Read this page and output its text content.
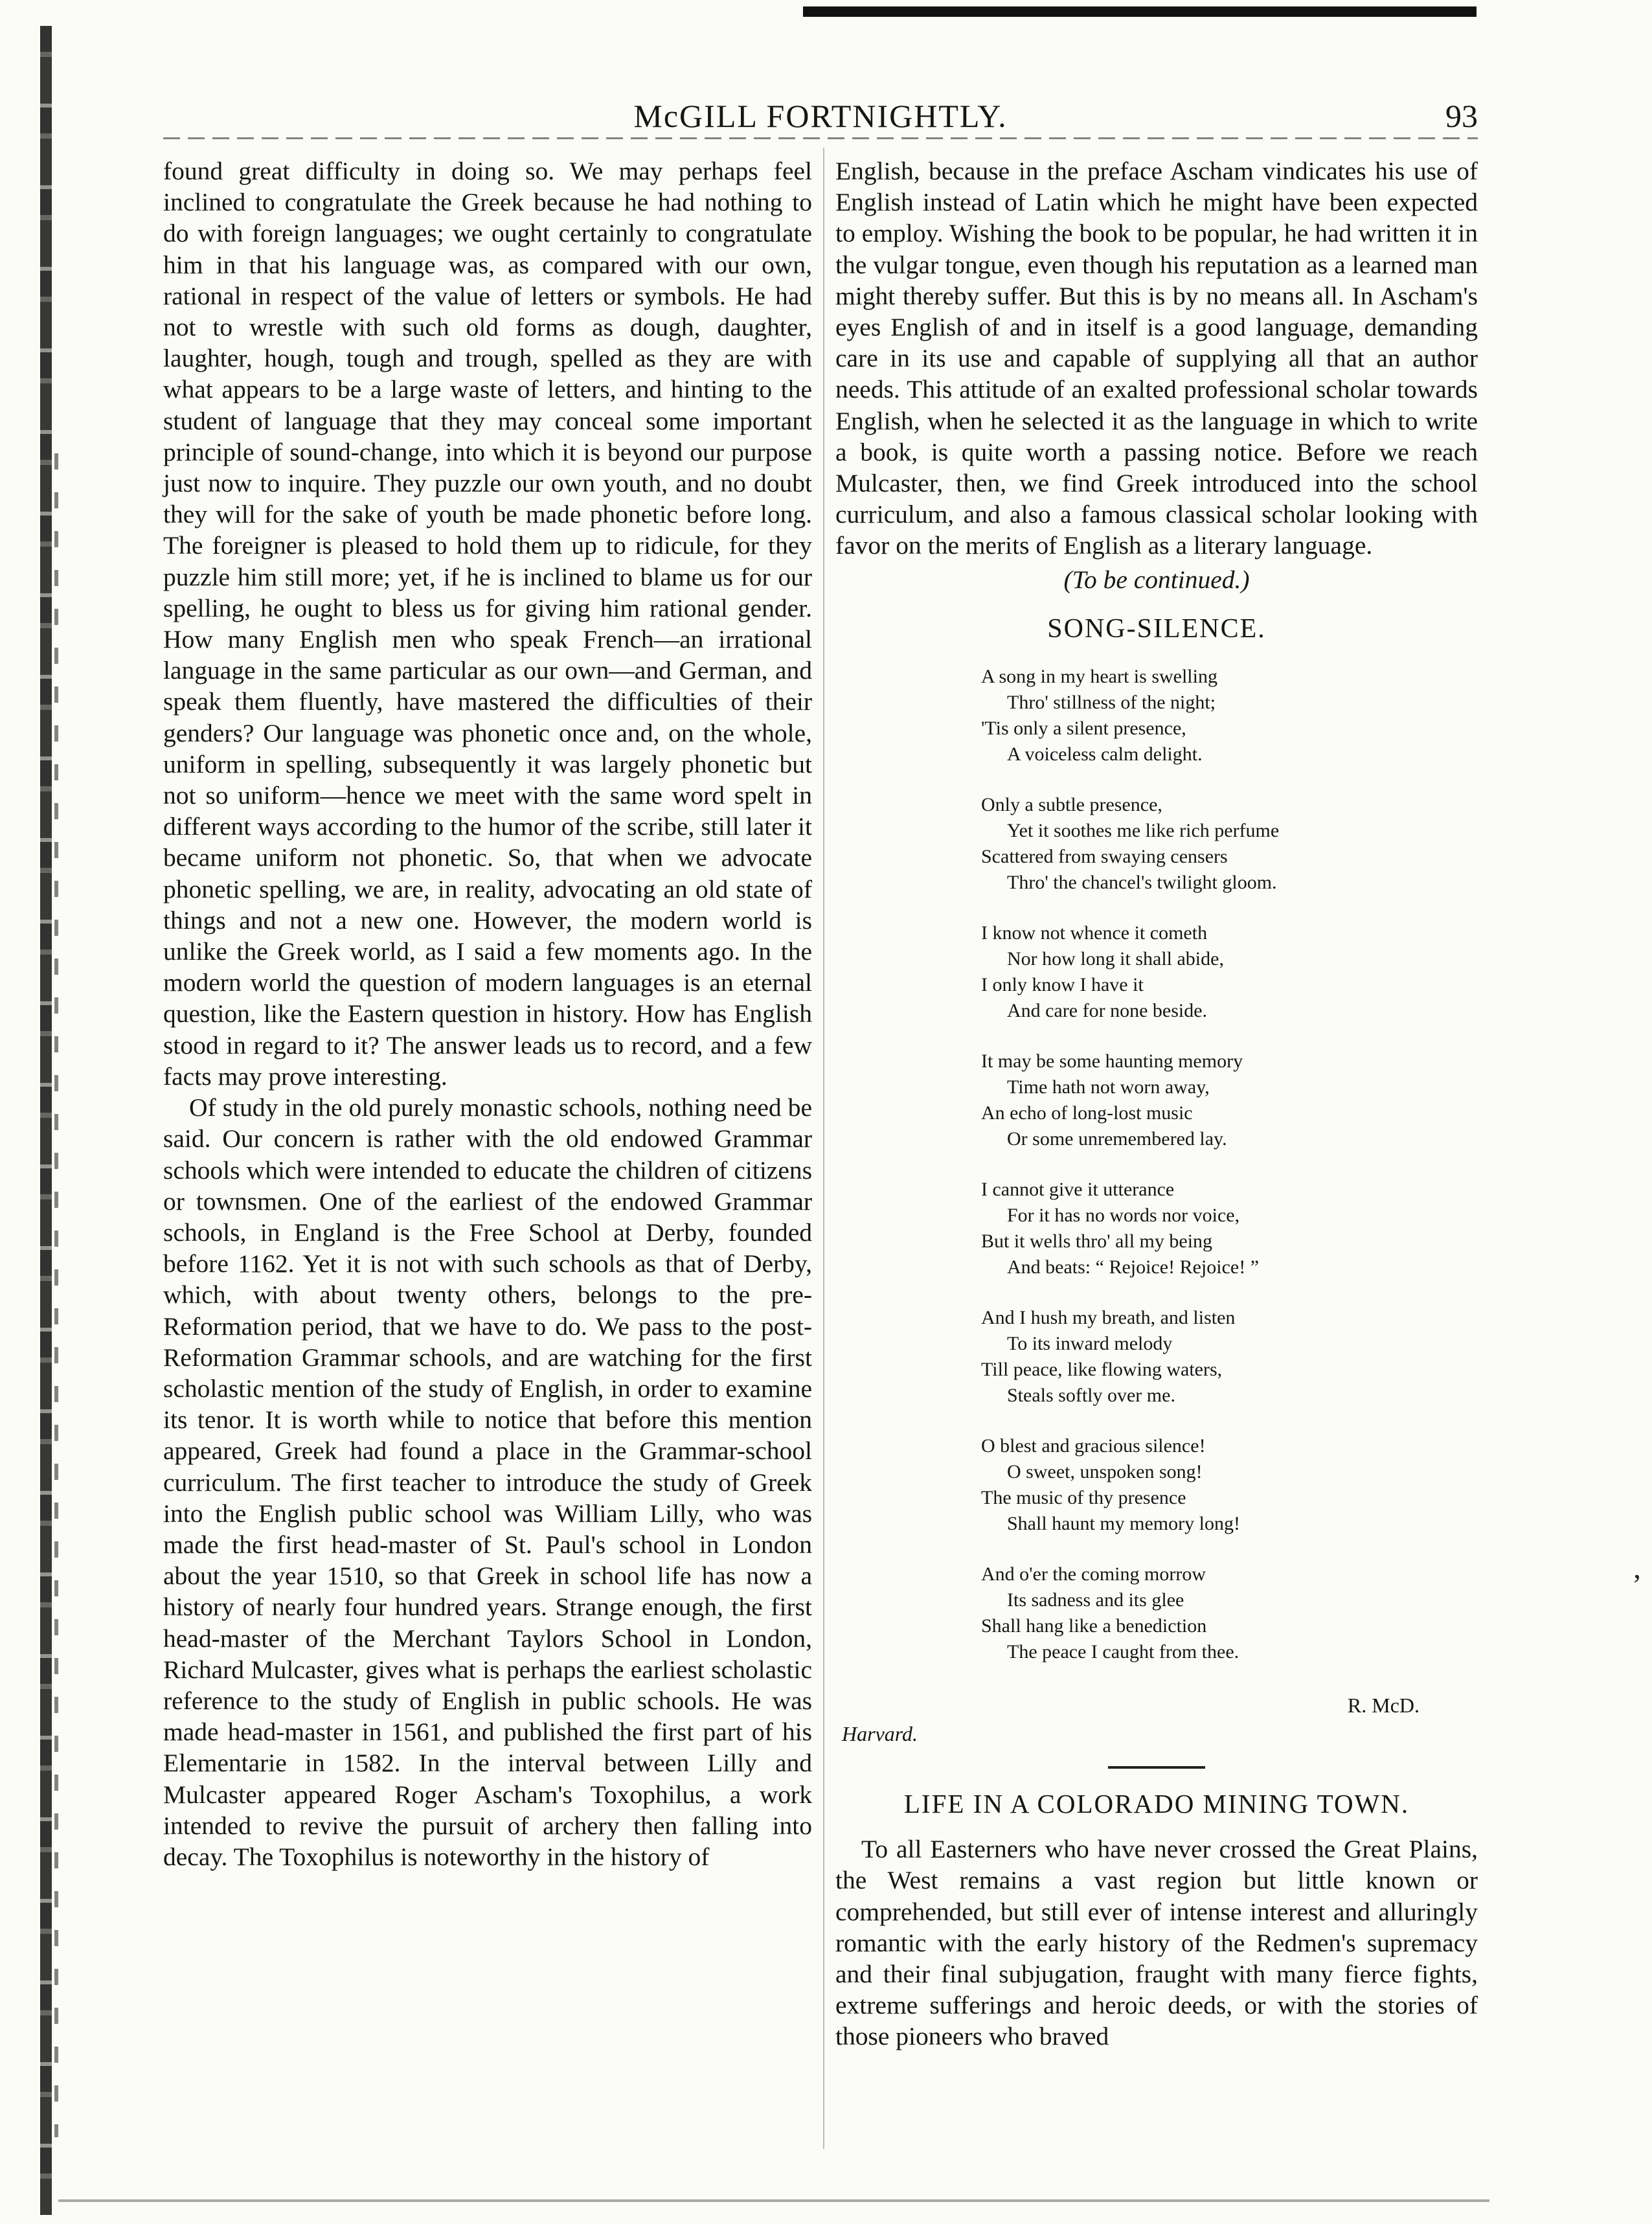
’
McGILL FORTNIGHTLY.	93

found great difficulty in doing so. We may perhaps feel inclined to congratulate the Greek because he had nothing to do with foreign languages; we ought certainly to congratulate him in that his language was, as compared with our own, rational in respect of the value of letters or symbols. He had not to wrestle with such old forms as dough, daughter, laughter, hough, tough and trough, spelled as they are with what appears to be a large waste of letters, and hinting to the student of language that they may conceal some important principle of sound-change, into which it is beyond our purpose just now to inquire. They puzzle our own youth, and no doubt they will for the sake of youth be made phonetic before long. The foreigner is pleased to hold them up to ridicule, for they puzzle him still more; yet, if he is inclined to blame us for our spelling, he ought to bless us for giving him rational gender. How many English men who speak French—an irrational language in the same particular as our own—and German, and speak them fluently, have mastered the difficulties of their genders? Our language was phonetic once and, on the whole, uniform in spelling, subsequently it was largely phonetic but not so uniform—hence we meet with the same word spelt in different ways according to the humor of the scribe, still later it became uniform not phonetic. So, that when we advocate phonetic spelling, we are, in reality, advocating an old state of things and not a new one. However, the modern world is unlike the Greek world, as I said a few moments ago. In the modern world the question of modern languages is an eternal question, like the Eastern question in history. How has English stood in regard to it? The answer leads us to record, and a few facts may prove interesting.

Of study in the old purely monastic schools, nothing need be said. Our concern is rather with the old endowed Grammar schools which were intended to educate the children of citizens or townsmen. One of the earliest of the endowed Grammar schools, in England is the Free School at Derby, founded before 1162. Yet it is not with such schools as that of Derby, which, with about twenty others, belongs to the pre-Reformation period, that we have to do. We pass to the post-Reformation Grammar schools, and are watching for the first scholastic mention of the study of English, in order to examine its tenor. It is worth while to notice that before this mention appeared, Greek had found a place in the Grammar-school curriculum. The first teacher to introduce the study of Greek into the English public school was William Lilly, who was made the first head-master of St. Paul's school in London about the year 1510, so that Greek in school life has now a history of nearly four hundred years. Strange enough, the first head-master of the Merchant Taylors School in London, Richard Mulcaster, gives what is perhaps the earliest scholastic reference to the study of English in public schools. He was made head-master in 1561, and published the first part of his Elementarie in 1582. In the interval between Lilly and Mulcaster appeared Roger Ascham's Toxophilus, a work intended to revive the pursuit of archery then falling into decay. The Toxophilus is noteworthy in the history of

English, because in the preface Ascham vindicates his use of English instead of Latin which he might have been expected to employ. Wishing the book to be popular, he had written it in the vulgar tongue, even though his reputation as a learned man might thereby suffer. But this is by no means all. In Ascham's eyes English of and in itself is a good language, demanding care in its use and capable of supplying all that an author needs. This attitude of an exalted professional scholar towards English, when he selected it as the language in which to write a book, is quite worth a passing notice. Before we reach Mulcaster, then, we find Greek introduced into the school curriculum, and also a famous classical scholar looking with favor on the merits of English as a literary language.

(To be continued.)
SONG-SILENCE.
A song in my heart is swelling
Thro' stillness of the night;
'Tis only a silent presence,
A voiceless calm delight.
Only a subtle presence,
Yet it soothes me like rich perfume
Scattered from swaying censers
Thro' the chancel's twilight gloom.
I know not whence it cometh
Nor how long it shall abide,
I only know I have it
And care for none beside.
It may be some haunting memory
Time hath not worn away,
An echo of long-lost music
Or some unremembered lay.
I cannot give it utterance
For it has no words nor voice,
But it wells thro' all my being
And beats: “ Rejoice! Rejoice! ”
And I hush my breath, and listen
To its inward melody
Till peace, like flowing waters,
Steals softly over me.
O blest and gracious silence!
O sweet, unspoken song!
The music of thy presence
Shall haunt my memory long!
And o'er the coming morrow
Its sadness and its glee
Shall hang like a benediction
The peace I caught from thee.
R. McD.
Harvard.
LIFE IN A COLORADO MINING TOWN.

To all Easterners who have never crossed the Great Plains, the West remains a vast region but little known or comprehended, but still ever of intense interest and alluringly romantic with the early history of the Redmen's supremacy and their final subjugation, fraught with many fierce fights, extreme sufferings and heroic deeds, or with the stories of those pioneers who braved
